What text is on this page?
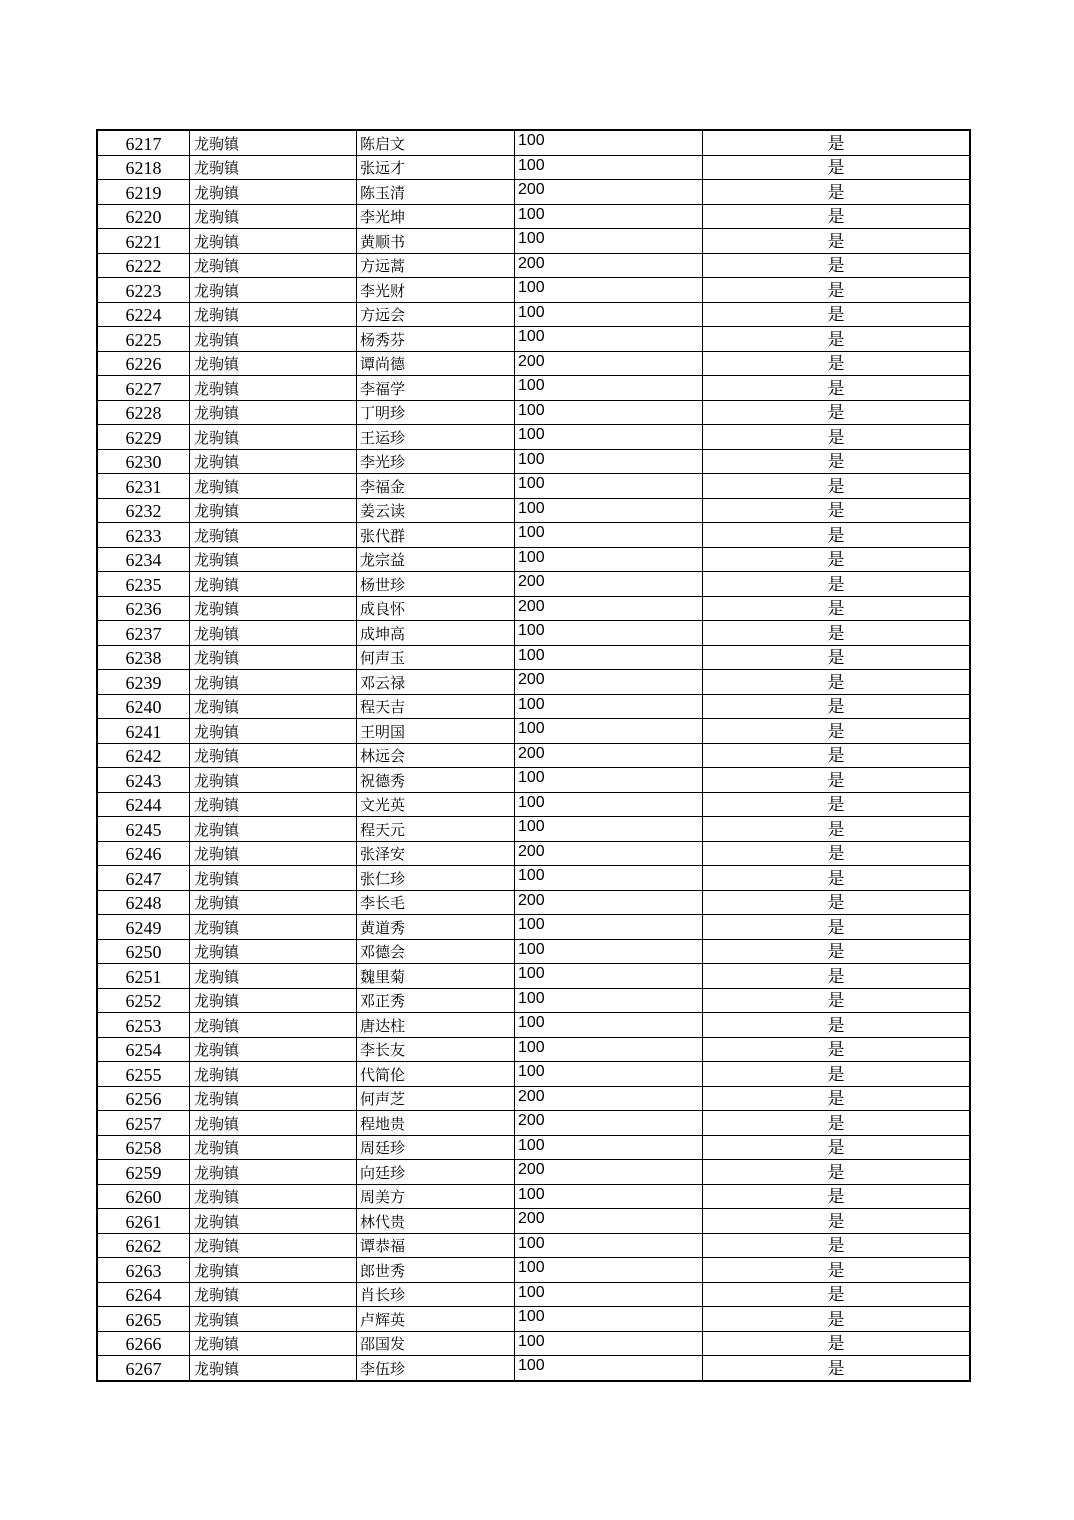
6217	龙驹镇	陈启文	100	是
6218	龙驹镇	张远才	100	是
6219	龙驹镇	陈玉清	200	是
6220	龙驹镇	李光坤	100	是
6221	龙驹镇	黄顺书	100	是
6222	龙驹镇	方远蒿	200	是
6223	龙驹镇	李光财	100	是
6224	龙驹镇	方远会	100	是
6225	龙驹镇	杨秀芬	100	是
6226	龙驹镇	谭尚德	200	是
6227	龙驹镇	李福学	100	是
6228	龙驹镇	丁明珍	100	是
6229	龙驹镇	王运珍	100	是
6230	龙驹镇	李光珍	100	是
6231	龙驹镇	李福金	100	是
6232	龙驹镇	姜云读	100	是
6233	龙驹镇	张代群	100	是
6234	龙驹镇	龙宗益	100	是
6235	龙驹镇	杨世珍	200	是
6236	龙驹镇	成良怀	200	是
6237	龙驹镇	成坤高	100	是
6238	龙驹镇	何声玉	100	是
6239	龙驹镇	邓云禄	200	是
6240	龙驹镇	程天吉	100	是
6241	龙驹镇	王明国	100	是
6242	龙驹镇	林远会	200	是
6243	龙驹镇	祝德秀	100	是
6244	龙驹镇	文光英	100	是
6245	龙驹镇	程天元	100	是
6246	龙驹镇	张泽安	200	是
6247	龙驹镇	张仁珍	100	是
6248	龙驹镇	李长毛	200	是
6249	龙驹镇	黄道秀	100	是
6250	龙驹镇	邓德会	100	是
6251	龙驹镇	魏里菊	100	是
6252	龙驹镇	邓正秀	100	是
6253	龙驹镇	唐达柱	100	是
6254	龙驹镇	李长友	100	是
6255	龙驹镇	代简伦	100	是
6256	龙驹镇	何声芝	200	是
6257	龙驹镇	程地贵	200	是
6258	龙驹镇	周廷珍	100	是
6259	龙驹镇	向廷珍	200	是
6260	龙驹镇	周美方	100	是
6261	龙驹镇	林代贵	200	是
6262	龙驹镇	谭恭福	100	是
6263	龙驹镇	郎世秀	100	是
6264	龙驹镇	肖长珍	100	是
6265	龙驹镇	卢辉英	100	是
6266	龙驹镇	邵国发	100	是
6267	龙驹镇	李伍珍	100	是
